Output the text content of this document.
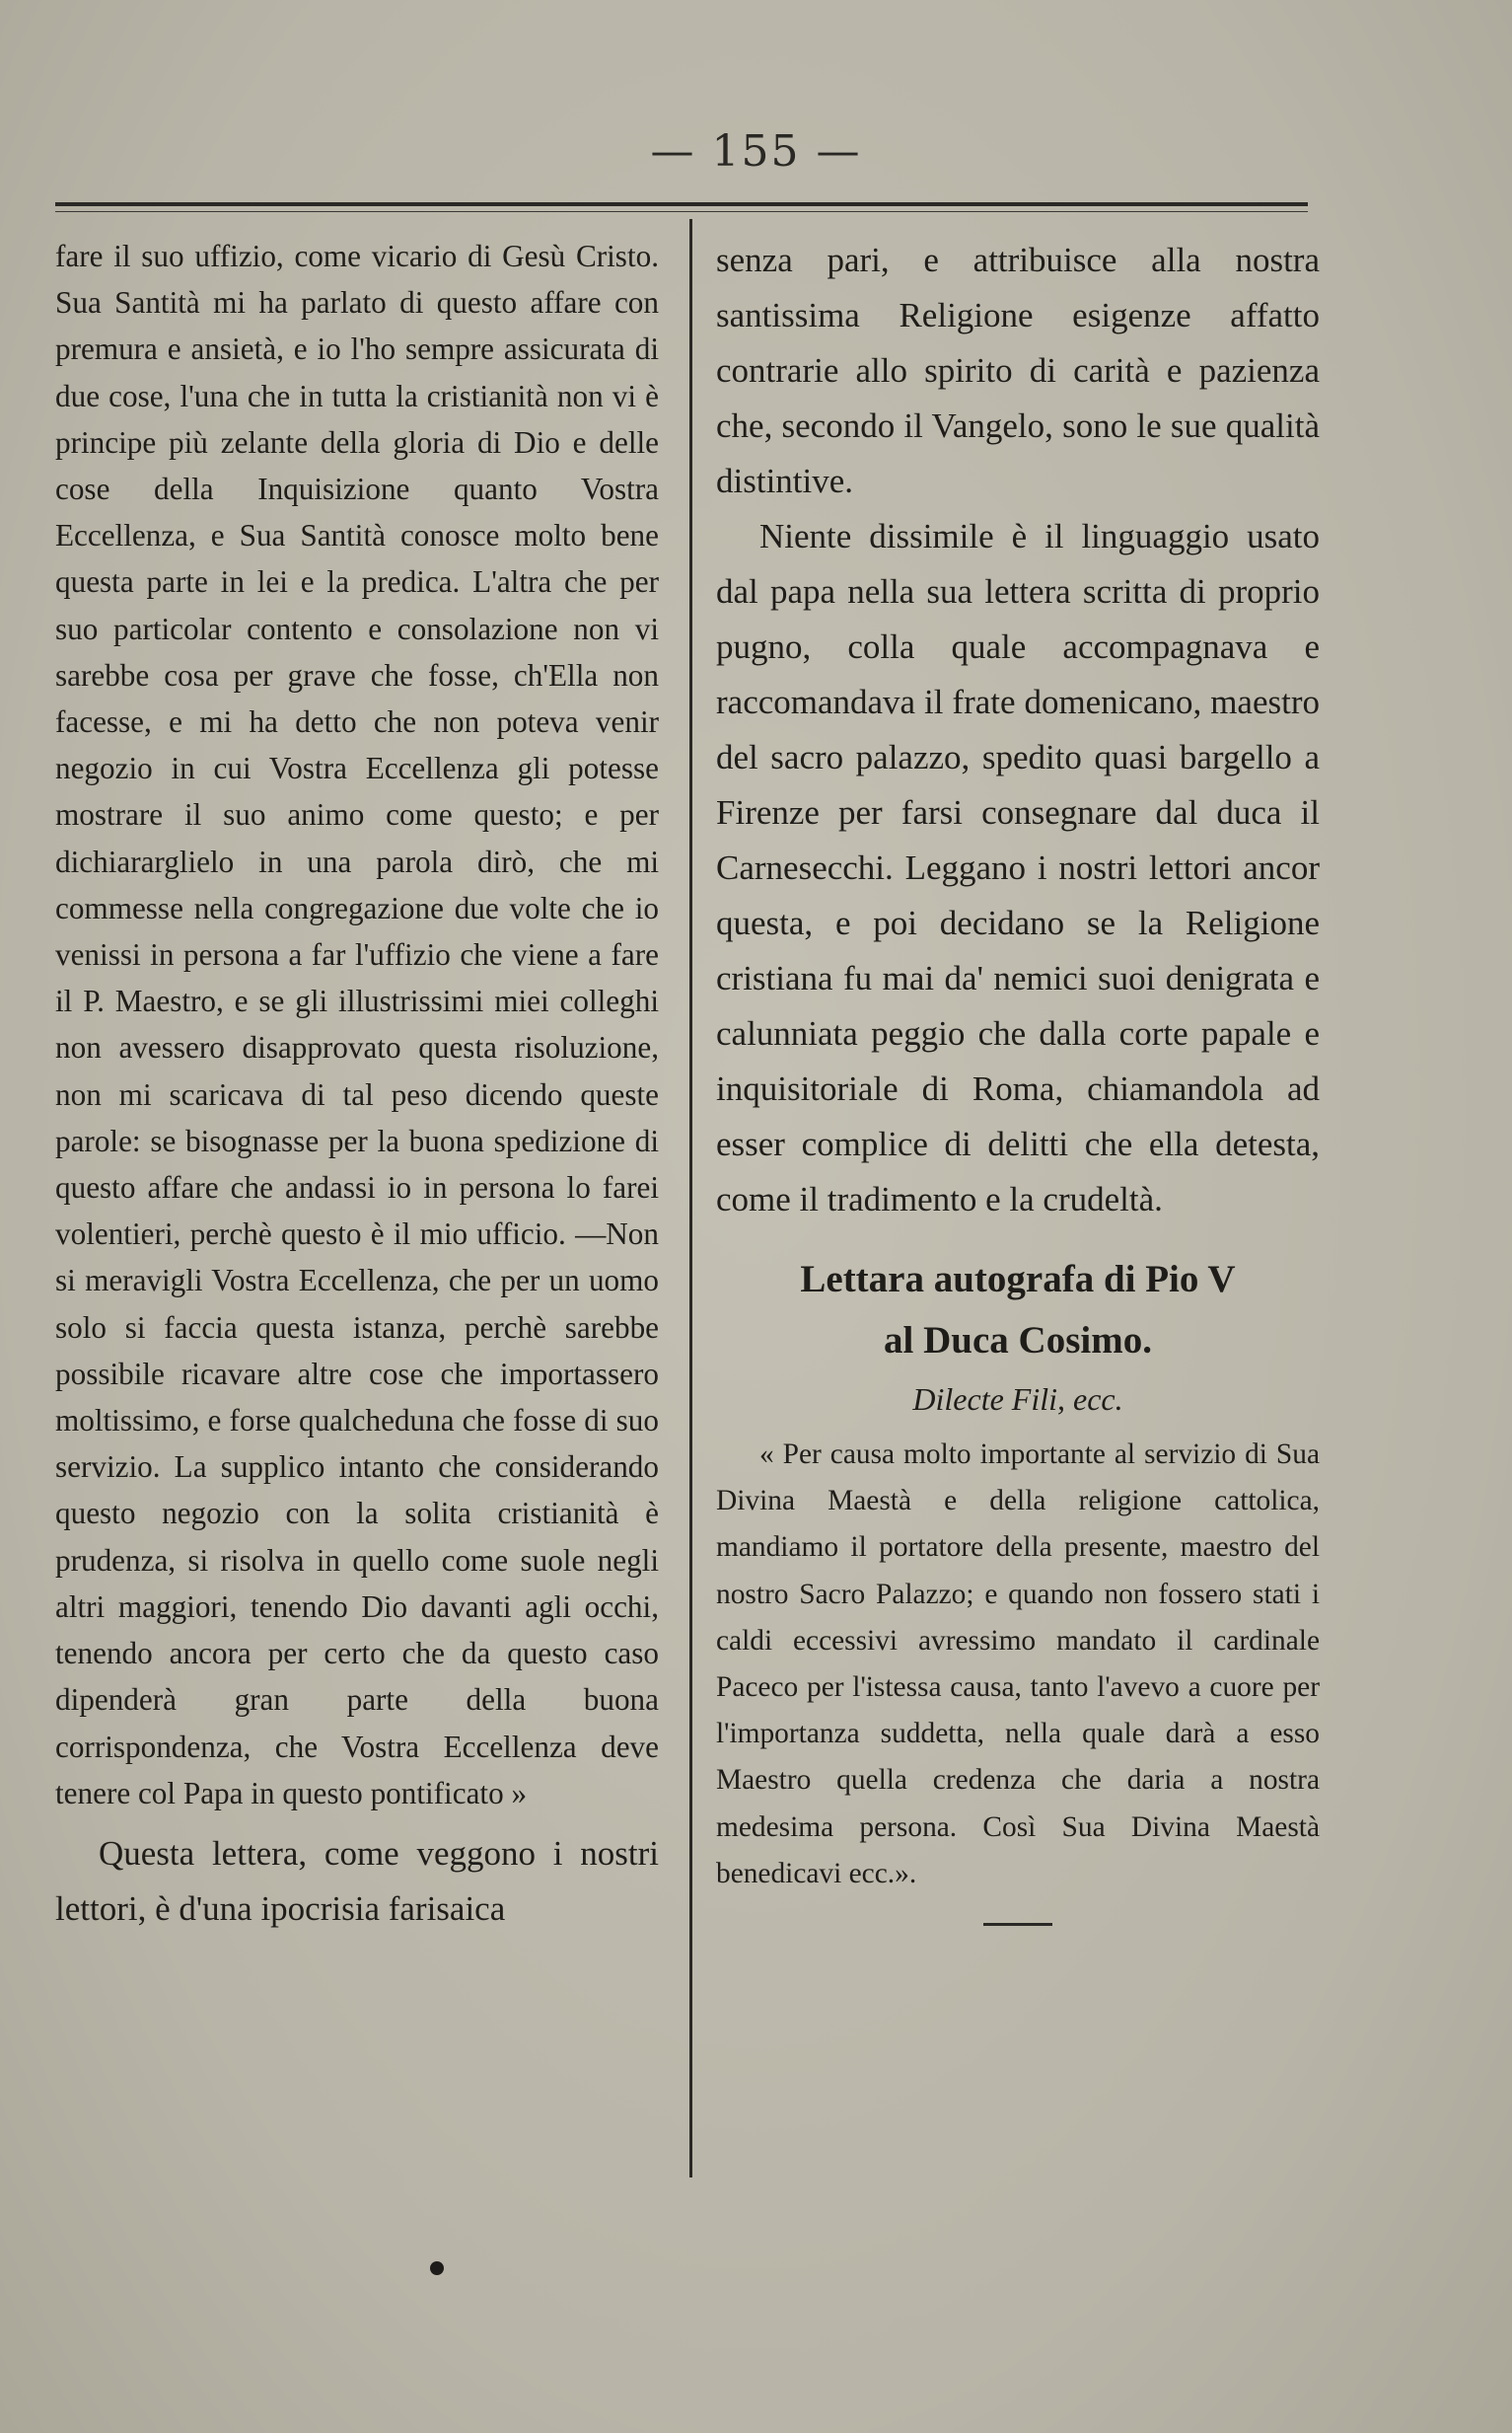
— 155 —

fare il suo uffizio, come vicario di Gesù Cristo. Sua Santità mi ha parlato di questo affare con premura e ansietà, e io l'ho sempre assicurata di due cose, l'una che in tutta la cristianità non vi è principe più zelante della gloria di Dio e delle cose della Inquisizione quanto Vostra Eccellenza, e Sua Santità conosce molto bene questa parte in lei e la predica. L'altra che per suo particolar contento e consolazione non vi sarebbe cosa per grave che fosse, ch'Ella non facesse, e mi ha detto che non poteva venir negozio in cui Vostra Eccellenza gli potesse mostrare il suo animo come questo; e per dichiararglielo in una parola dirò, che mi commesse nella congregazione due volte che io venissi in persona a far l'uffizio che viene a fare il P. Maestro, e se gli illustrissimi miei colleghi non avessero disapprovato questa risoluzione, non mi scaricava di tal peso dicendo queste parole: se bisognasse per la buona spedizione di questo affare che andassi io in persona lo farei volentieri, perchè questo è il mio ufficio. —Non si meravigli Vostra Eccellenza, che per un uomo solo si faccia questa istanza, perchè sarebbe possibile ricavare altre cose che importassero moltissimo, e forse qualcheduna che fosse di suo servizio. La supplico intanto che considerando questo negozio con la solita cristianità è prudenza, si risolva in quello come suole negli altri maggiori, tenendo Dio davanti agli occhi, tenendo ancora per certo che da questo caso dipenderà gran parte della buona corrispondenza, che Vostra Eccellenza deve tenere col Papa in questo pontificato »

Questa lettera, come veggono i nostri lettori, è d'una ipocrisia farisaica

senza pari, e attribuisce alla nostra santissima Religione esigenze affatto contrarie allo spirito di carità e pazienza che, secondo il Vangelo, sono le sue qualità distintive.

Niente dissimile è il linguaggio usato dal papa nella sua lettera scritta di proprio pugno, colla quale accompagnava e raccomandava il frate domenicano, maestro del sacro palazzo, spedito quasi bargello a Firenze per farsi consegnare dal duca il Carnesecchi. Leggano i nostri lettori ancor questa, e poi decidano se la Religione cristiana fu mai da' nemici suoi denigrata e calunniata peggio che dalla corte papale e inquisitoriale di Roma, chiamandola ad esser complice di delitti che ella detesta, come il tradimento e la crudeltà.

Lettara autografa di Pio V
al Duca Cosimo.
Dilecte Fili, ecc.

« Per causa molto importante al servizio di Sua Divina Maestà e della religione cattolica, mandiamo il portatore della presente, maestro del nostro Sacro Palazzo; e quando non fossero stati i caldi eccessivi avressimo mandato il cardinale Paceco per l'istessa causa, tanto l'avevo a cuore per l'importanza suddetta, nella quale darà a esso Maestro quella credenza che daria a nostra medesima persona. Così Sua Divina Maestà benedicavi ecc.».
